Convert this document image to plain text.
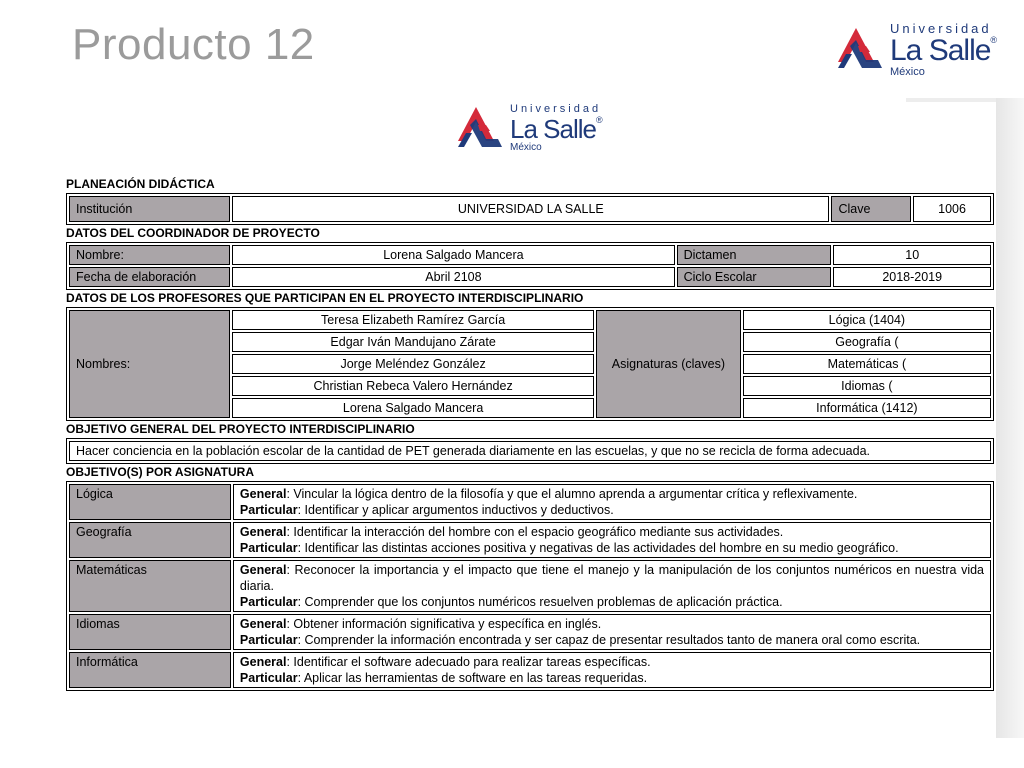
Producto 12	Universidad
La Salle®
México
Universidad
La Salle®
México
PLANEACIÓN DIDÁCTICA
Institución	UNIVERSIDAD LA SALLE	Clave	1006
DATOS DEL COORDINADOR DE PROYECTO
Nombre:	Lorena Salgado Mancera	Dictamen	10
Fecha de elaboración	Abril 2108	Ciclo Escolar	2018-2019
DATOS DE LOS PROFESORES QUE PARTICIPAN EN EL PROYECTO INTERDISCIPLINARIO
Nombres:	Teresa Elizabeth Ramírez García	Asignaturas (claves)	Lógica (1404)
	Edgar Iván Mandujano Zárate		Geografía (
	Jorge Meléndez González		Matemáticas (
	Christian Rebeca Valero Hernández		Idiomas (
	Lorena Salgado Mancera		Informática (1412)
OBJETIVO GENERAL DEL PROYECTO INTERDISCIPLINARIO
Hacer conciencia en la población escolar de la cantidad de PET generada diariamente en las escuelas, y que no se recicla de forma adecuada.
OBJETIVO(S) POR ASIGNATURA
Lógica	General: Vincular la lógica dentro de la filosofía y que el alumno aprenda a argumentar crítica y reflexivamente.
Particular: Identificar y aplicar argumentos inductivos y deductivos.
Geografía	General: Identificar la interacción del hombre con el espacio geográfico mediante sus actividades.
Particular: Identificar las distintas acciones positiva y negativas de las actividades del hombre en su medio geográfico.
Matemáticas	General: Reconocer la importancia y el impacto que tiene el manejo y la manipulación de los conjuntos numéricos en nuestra vida diaria.
Particular: Comprender que los conjuntos numéricos resuelven problemas de aplicación práctica.
Idiomas	General: Obtener información significativa y específica en inglés.
Particular: Comprender la información encontrada y ser capaz de presentar resultados tanto de manera oral como escrita.
Informática	General: Identificar el software adecuado para realizar tareas específicas.
Particular: Aplicar las herramientas de software en las tareas requeridas.
